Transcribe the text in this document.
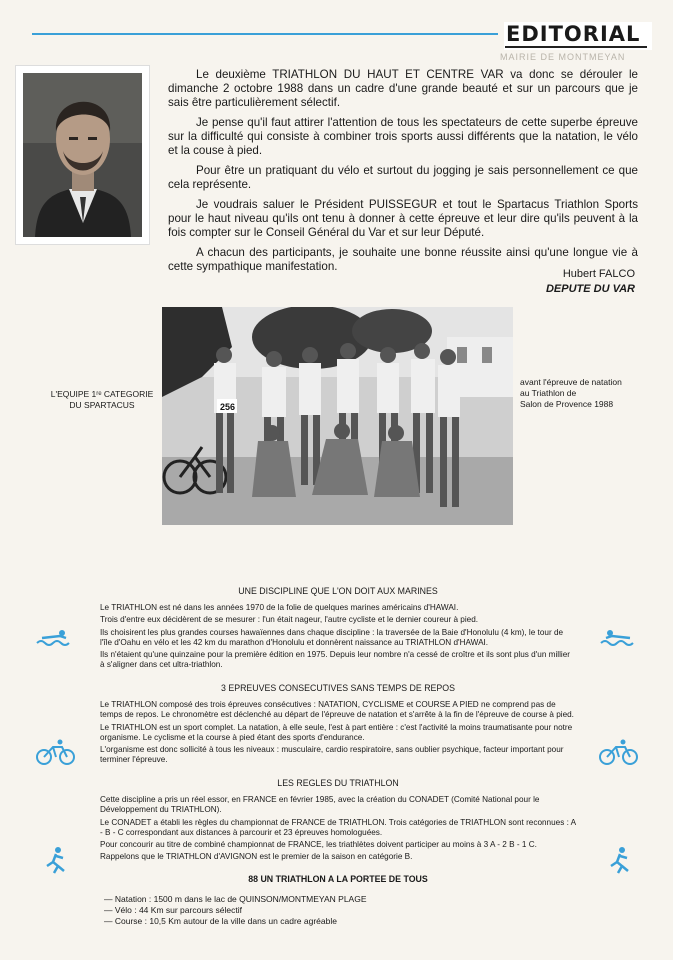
EDITORIAL
MAIRIE DE MONTMEYAN

Le deuxième TRIATHLON DU HAUT ET CENTRE VAR va donc se dérouler le dimanche 2 octobre 1988 dans un cadre d'une grande beauté et sur un parcours que je sais être particulièrement sélectif.

Je pense qu'il faut attirer l'attention de tous les spectateurs de cette superbe épreuve sur la difficulté qui consiste à combiner trois sports aussi différents que la natation, le vélo et la couse à pied.

Pour être un pratiquant du vélo et surtout du jogging je sais personnellement ce que cela représente.

Je voudrais saluer le Président PUISSEGUR et tout le Spartacus Triathlon Sports pour le haut niveau qu'ils ont tenu à donner à cette épreuve et leur dire qu'ils peuvent à la fois compter sur le Conseil Général du Var et sur leur Député.

A chacun des participants, je souhaite une bonne réussite ainsi qu'une longue vie à cette sympathique manifestation.

Hubert FALCO
DEPUTE DU VAR
L'EQUIPE 1ʳᵉ CATEGORIE
DU SPARTACUS
avant l'épreuve de natation
au Triathlon de
Salon de Provence 1988
256
UNE DISCIPLINE QUE L'ON DOIT AUX MARINES

Le TRIATHLON est né dans les années 1970 de la folie de quelques marines américains d'HAWAI.

Trois d'entre eux décidèrent de se mesurer : l'un était nageur, l'autre cycliste et le dernier coureur à pied.

Ils choisirent les plus grandes courses hawaïennes dans chaque discipline : la traversée de la Baie d'Honolulu (4 km), le tour de l'île d'Oahu en vélo et les 42 km du marathon d'Honolulu et donnèrent naissance au TRIATHLON d'HAWAI.

Ils n'étaient qu'une quinzaine pour la première édition en 1975. Depuis leur nombre n'a cessé de croître et ils sont plus d'un millier à s'aligner dans cet ultra-triathlon.

3 EPREUVES CONSECUTIVES SANS TEMPS DE REPOS

Le TRIATHLON composé des trois épreuves consécutives : NATATION, CYCLISME et COURSE A PIED ne comprend pas de temps de repos. Le chronomètre est déclenché au départ de l'épreuve de natation et s'arrête à la fin de l'épreuve de course à pied.

Le TRIATHLON est un sport complet. La natation, à elle seule, l'est à part entière : c'est l'activité la moins traumatisante pour notre organisme. Le cyclisme et la course à pied étant des sports d'endurance.

L'organisme est donc sollicité à tous les niveaux : musculaire, cardio respiratoire, sans oublier psychique, facteur important pour terminer l'épreuve.

LES REGLES DU TRIATHLON

Cette discipline a pris un réel essor, en FRANCE en février 1985, avec la création du CONADET (Comité National pour le Développement du TRIATHLON).

Le CONADET a établi les règles du championnat de FRANCE de TRIATHLON. Trois catégories de TRIATHLON sont reconnues : A - B - C correspondant aux distances à parcourir et 23 épreuves homologuées.

Pour concourir au titre de combiné championnat de FRANCE, les triathlètes doivent participer au moins à 3 A - 2 B - 1 C.

Rappelons que le TRIATHLON d'AVIGNON est le premier de la saison en catégorie B.

88 UN TRIATHLON A LA PORTEE DE TOUS
— Natation : 1500 m dans le lac de QUINSON/MONTMEYAN PLAGE
— Vélo : 44 Km sur parcours sélectif
— Course : 10,5 Km autour de la ville dans un cadre agréable
